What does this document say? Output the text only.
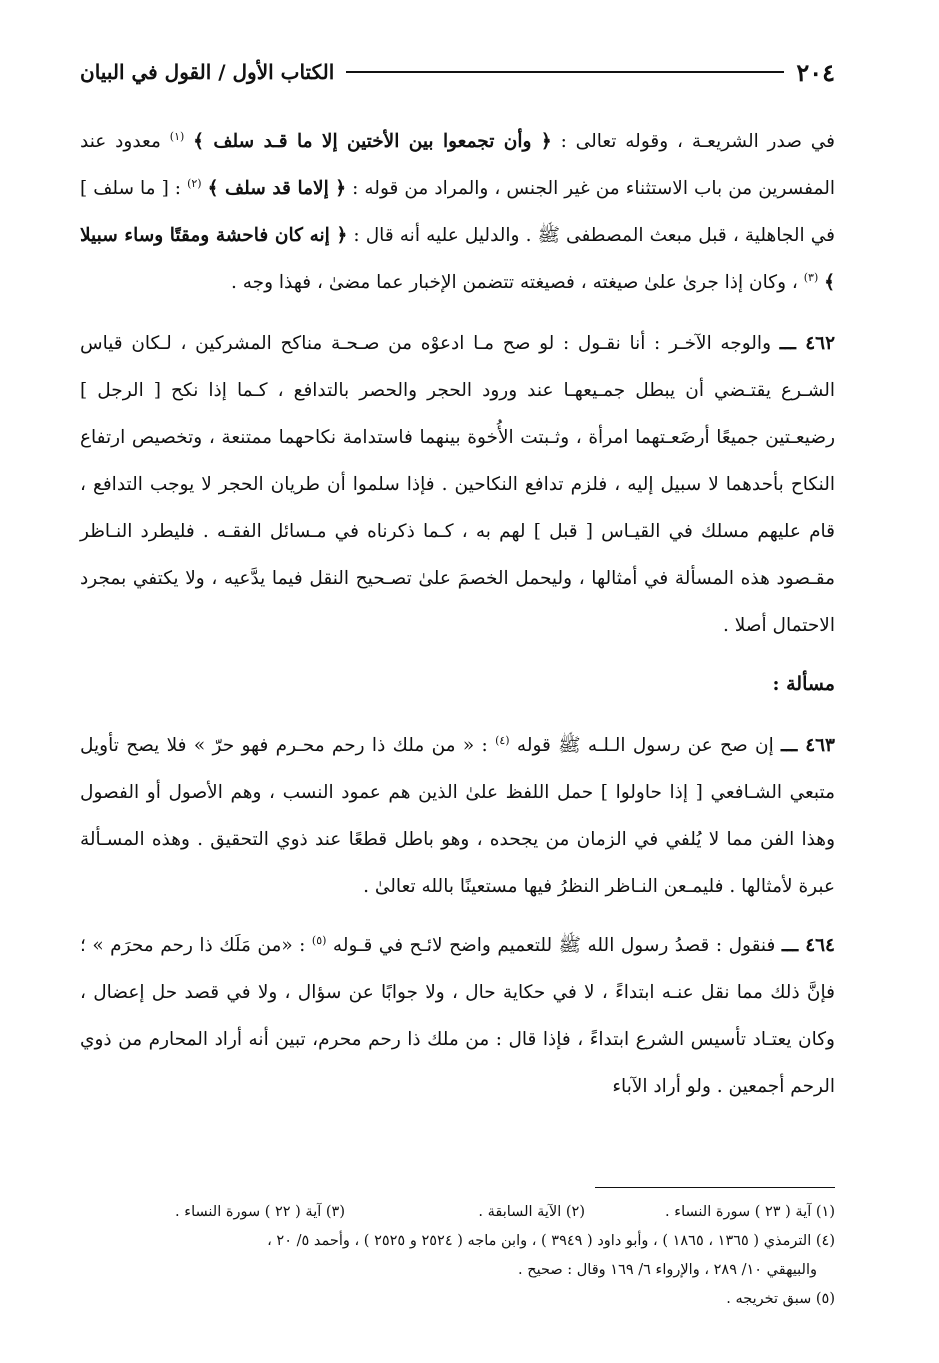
٢٠٤
الكتاب الأول / القول في البيان

في صدر الشريعـة ، وقوله تعالى : ﴿ وأن تجمعوا بين الأختين إلا ما قـد سلف ﴾ $^{(١)}$ معدود عند المفسرين من باب الاستثناء من غير الجنس ، والمراد من قوله : ﴿ إلاما قد سلف ﴾ $^{(٢)}$ : [ ما سلف ] في الجاهلية ، قبل مبعث المصطفى ﷺ . والدليل عليه أنه قال : ﴿ إنه كان فاحشة ومقتًا وساء سبيلا ﴾ $^{(٣)}$ ، وكان إذا جرىٰ علىٰ صيغته ، فصيغته تتضمن الإخبار عما مضىٰ ، فهذا وجه .

٤٦٢ ـــ والوجه الآخـر : أنا نقـول : لو صح مـا ادعوْه من صـحـة مناكح المشركين ، لـكان قياس الشـرع يقتـضي أن يبطل جمـيعهـا عند ورود الحجر والحصر بالتدافع ، كـما إذا نكح [ الرجل ] رضيعـتين جميعًا أرضَعـتهما امرأة ، وثـبتت الأُخوة بينهما فاستدامة نكاحهما ممتنعة ، وتخصيص ارتفاع النكاح بأحدهما لا سبيل إليه ، فلزم تدافع النكاحين . فإذا سلموا أن طريان الحجر لا يوجب التدافع ، قام عليهم مسلك في القيـاس [ قبل ] لهم به ، كـما ذكرناه في مـسائل الفقـه . فليطرد النـاظر مقـصود هذه المسألة في أمثالها ، وليحمل الخصمَ علىٰ تصـحيح النقل فيما يدَّعيه ، ولا يكتفي بمجرد الاحتمال أصلا .

مسألة :

٤٦٣ ـــ إن صح عن رسول الـلـه ﷺ قوله $^{(٤)}$ : « من ملك ذا رحم محـرم فهو حرّ » فلا يصح تأويل متبعي الشـافعي [ إذا حاولوا ] حمل اللفظ علىٰ الذين هم عمود النسب ، وهم الأصول أو الفصول وهذا الفن مما لا يُلفي في الزمان من يجحده ، وهو باطل قطعًا عند ذوي التحقيق . وهذه المسـألة عبرة لأمثالها . فليمـعن النـاظر النظرُ فيها مستعينًا بالله تعالىٰ .

٤٦٤ ـــ فنقول : قصدُ رسول الله ﷺ للتعميم واضح لائـح في قـوله $^{(٥)}$ : «من مَلَك ذا رحم محرَم » ؛ فإنَّ ذلك مما نقل عنـه ابتداءً ، لا في حكاية حال ، ولا جوابًا عن سؤال ، ولا في قصد حل إعضال ، وكان يعتـاد تأسيس الشرع ابتداءً ، فإذا قال : من ملك ذا رحم محرم، تبين أنه أراد المحارم من ذوي الرحم أجمعين . ولو أراد الآباء

(١) آية ( ٢٣ ) سورة النساء .
(٢) الآية السابقة .
(٣) آية ( ٢٢ ) سورة النساء .
(٤) الترمذي ( ١٣٦٥ ، ١٨٦٥ ) ، وأبو داود ( ٣٩٤٩ ) ، وابن ماجه ( ٢٥٢٤ و ٢٥٢٥ ) ، وأحمد ٥/ ٢٠ ،
والبيهقي ١٠/ ٢٨٩ ، والإرواء ٦/ ١٦٩ وقال : صحيح .
(٥) سبق تخريجه .
